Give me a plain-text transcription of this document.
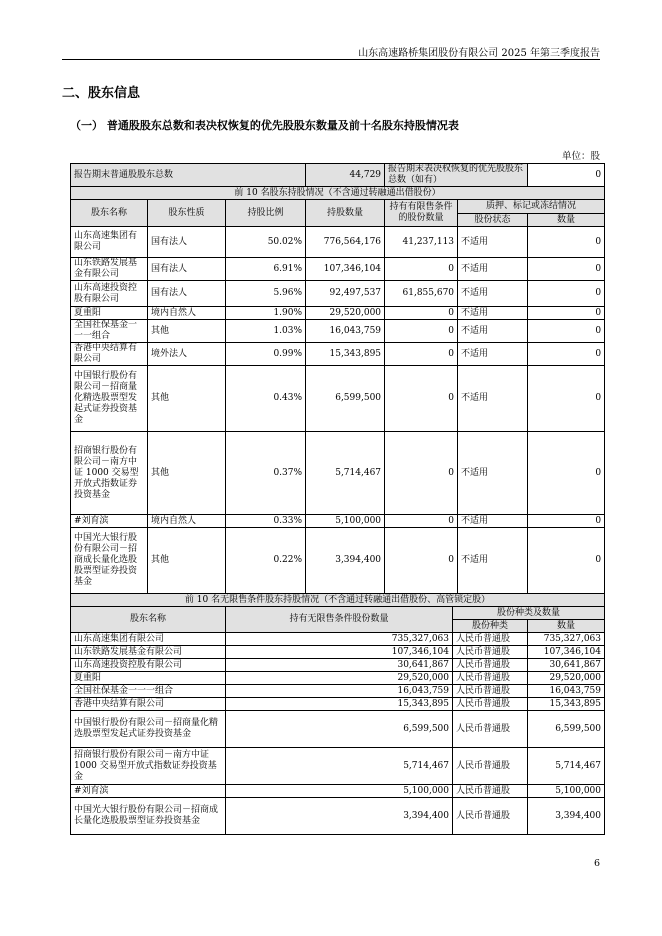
山东高速路桥集团股份有限公司 2025 年第三季度报告
二、股东信息
（一） 普通股股东总数和表决权恢复的优先股股东数量及前十名股东持股情况表
单位：股
报告期末普通股股东总数			44,729	报告期末表决权恢复的优先股股东总数（如有）		0
前 10 名股东持股情况（不含通过转融通出借股份）						
股东名称	股东性质	持股比例	持股数量	持有有限售条件的股份数量	质押、标记或冻结情况	
					股份状态	数量
山东高速集团有限公司	国有法人	50.02%	776,564,176	41,237,113	不适用	0
山东铁路发展基金有限公司	国有法人	6.91%	107,346,104	0	不适用	0
山东高速投资控股有限公司	国有法人	5.96%	92,497,537	61,855,670	不适用	0
夏重阳	境内自然人	1.90%	29,520,000	0	不适用	0
全国社保基金一一一组合	其他	1.03%	16,043,759	0	不适用	0
香港中央结算有限公司	境外法人	0.99%	15,343,895	0	不适用	0
中国银行股份有限公司－招商量化精选股票型发起式证券投资基金	其他	0.43%	6,599,500	0	不适用	0
招商银行股份有限公司－南方中证 1000 交易型开放式指数证券投资基金	其他	0.37%	5,714,467	0	不适用	0
#刘育滨	境内自然人	0.33%	5,100,000	0	不适用	0
中国光大银行股份有限公司－招商成长量化选股股票型证券投资基金	其他	0.22%	3,394,400	0	不适用	0
前 10 名无限售条件股东持股情况（不含通过转融通出借股份、高管锁定股）			
股东名称	持有无限售条件股份数量	股份种类及数量	
		股份种类	数量
山东高速集团有限公司	735,327,063	人民币普通股	735,327,063
山东铁路发展基金有限公司	107,346,104	人民币普通股	107,346,104
山东高速投资控股有限公司	30,641,867	人民币普通股	30,641,867
夏重阳	29,520,000	人民币普通股	29,520,000
全国社保基金一一一组合	16,043,759	人民币普通股	16,043,759
香港中央结算有限公司	15,343,895	人民币普通股	15,343,895
中国银行股份有限公司－招商量化精选股票型发起式证券投资基金	6,599,500	人民币普通股	6,599,500
招商银行股份有限公司－南方中证 1000 交易型开放式指数证券投资基金	5,714,467	人民币普通股	5,714,467
#刘育滨	5,100,000	人民币普通股	5,100,000
中国光大银行股份有限公司－招商成长量化选股股票型证券投资基金	3,394,400	人民币普通股	3,394,400
6
